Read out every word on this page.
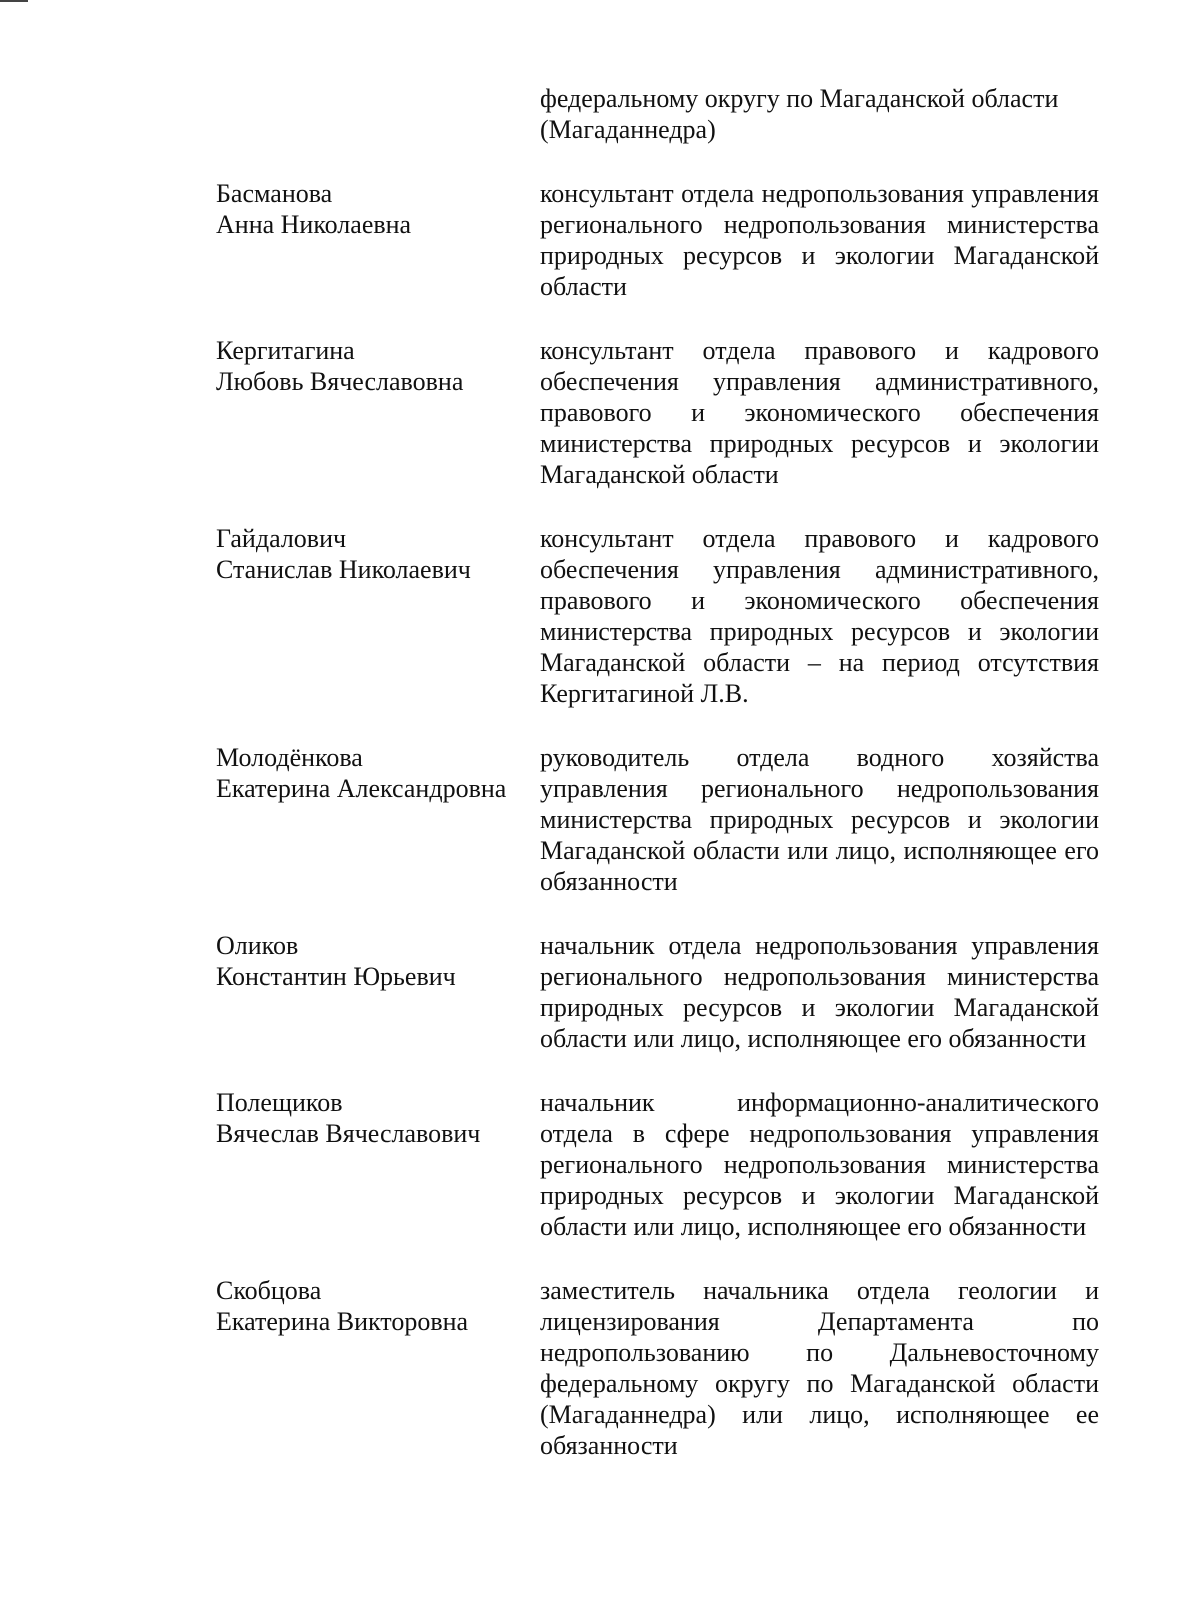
федеральному округу по Магаданской области (Магаданнедра)
Басманова
Анна Николаевна
консультант отдела недропользования управления регионального недропользования министерства природных ресурсов и экологии Магаданской области
Кергитагина
Любовь Вячеславовна
консультант отдела правового и кадрового обеспечения управления административного, правового и экономического обеспечения министерства природных ресурсов и экологии Магаданской области
Гайдалович
Станислав Николаевич
консультант отдела правового и кадрового обеспечения управления административного, правового и экономического обеспечения министерства природных ресурсов и экологии Магаданской области – на период отсутствия Кергитагиной Л.В.
Молодёнкова
Екатерина Александровна
руководитель отдела водного хозяйства управления регионального недропользования министерства природных ресурсов и экологии Магаданской области или лицо, исполняющее его обязанности
Оликов
Константин Юрьевич
начальник отдела недропользования управления регионального недропользования министерства природных ресурсов и экологии Магаданской области или лицо, исполняющее его обязанности
Полещиков
Вячеслав Вячеславович
начальник информационно-аналитического отдела в сфере недропользования управления регионального недропользования министерства природных ресурсов и экологии Магаданской области или лицо, исполняющее его обязанности
Скобцова
Екатерина Викторовна
заместитель начальника отдела геологии и лицензирования Департамента по недропользованию по Дальневосточному федеральному округу по Магаданской области (Магаданнедра) или лицо, исполняющее ее обязанности
